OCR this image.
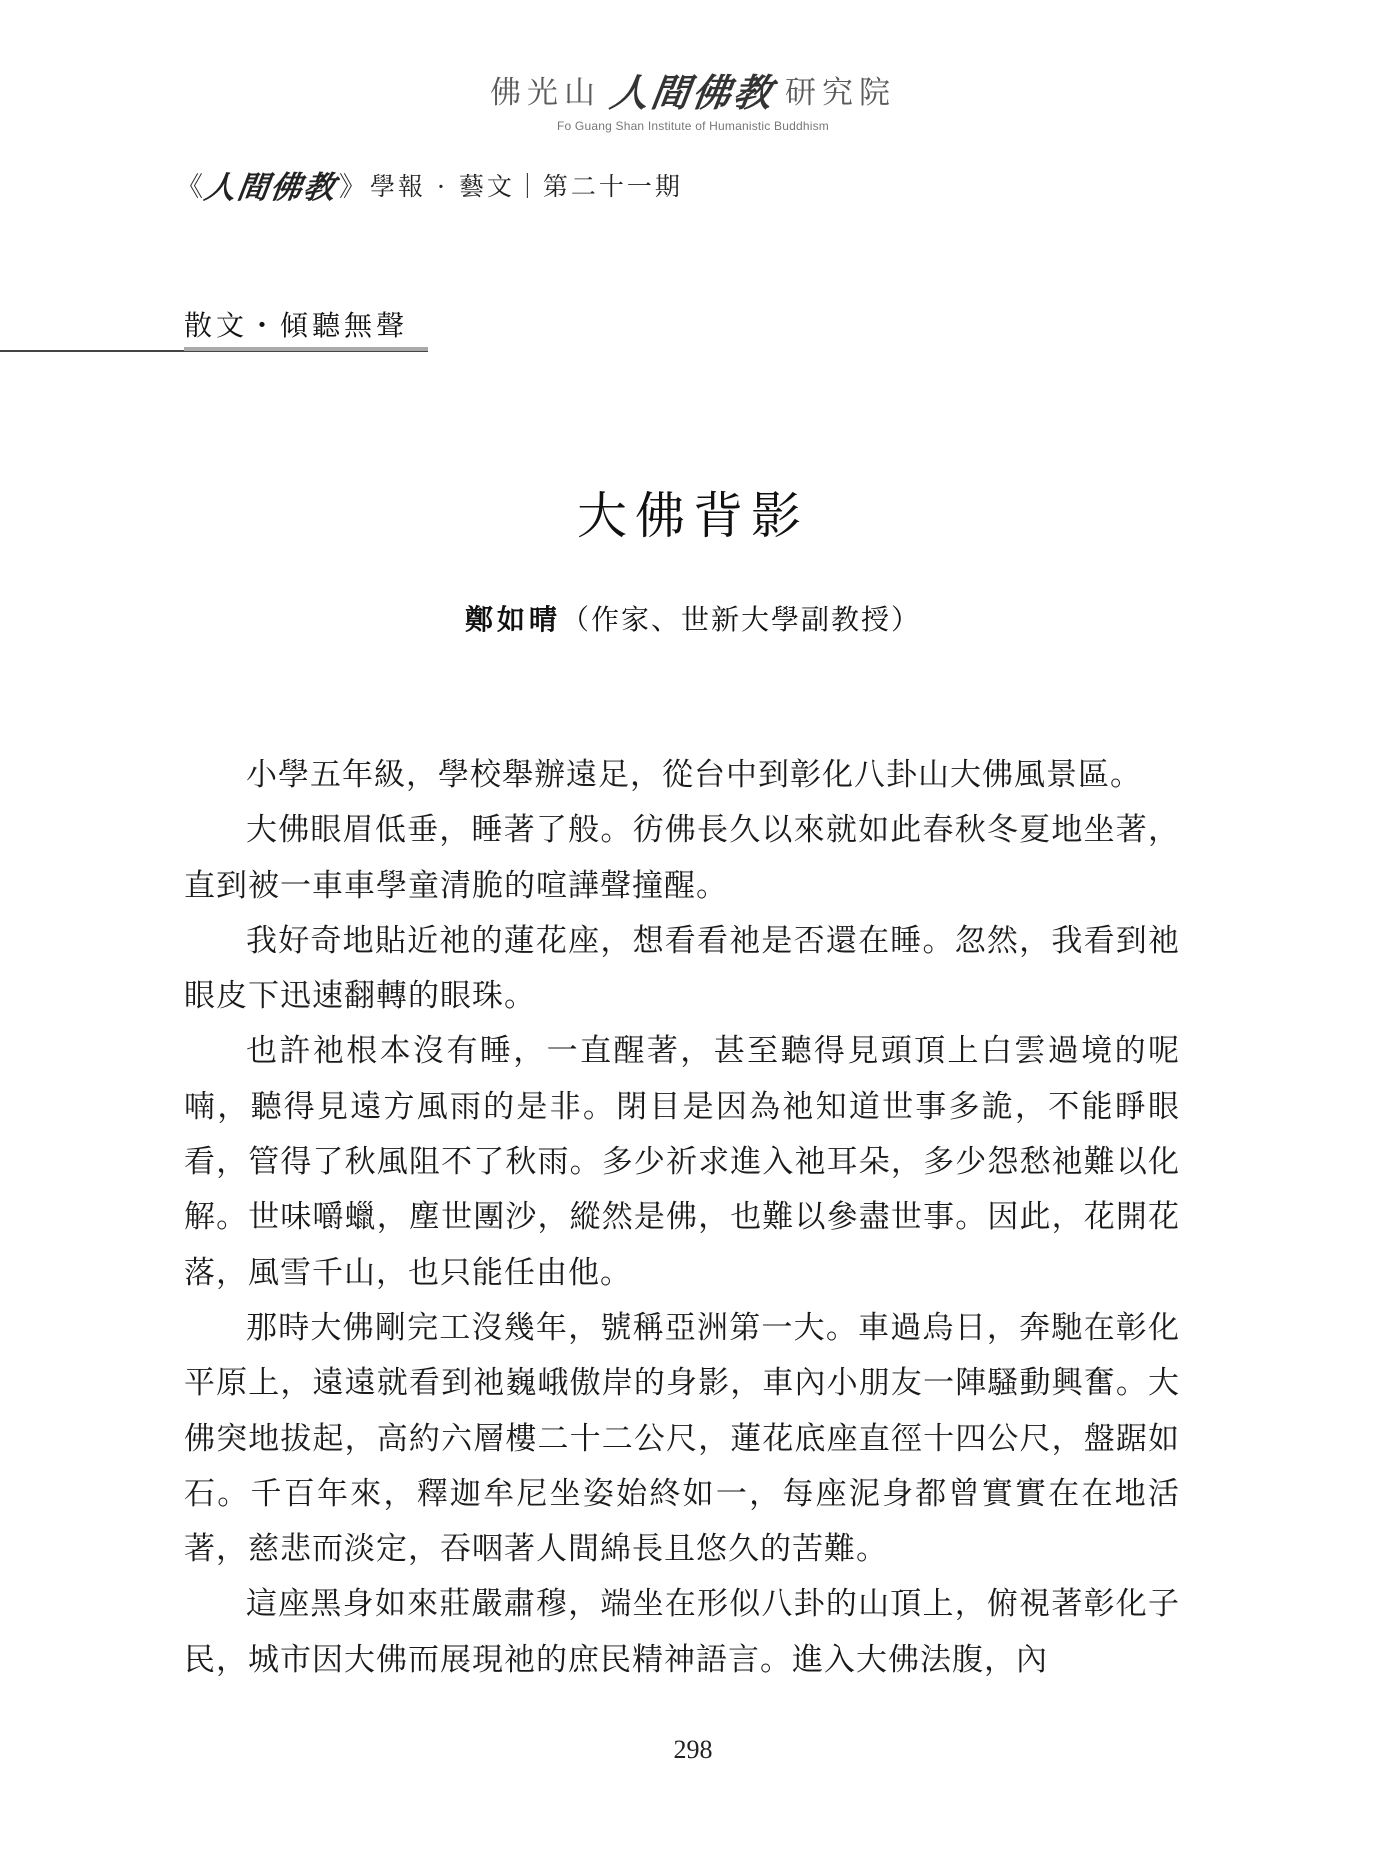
佛光山 人間佛教 研究院
Fo Guang Shan Institute of Humanistic Buddhism
《
人間佛教 》 學報 · 藝文｜第二十一期
散文・傾聽無聲
大佛背影
鄭如晴（作家、世新大學副教授）

小學五年級，學校舉辦遠足，從台中到彰化八卦山大佛風景區。

大佛眼眉低垂，睡著了般。彷佛長久以來就如此春秋冬夏地坐著，直到被一車車學童清脆的喧譁聲撞醒。

我好奇地貼近祂的蓮花座，想看看祂是否還在睡。忽然，我看到祂眼皮下迅速翻轉的眼珠。

也許祂根本沒有睡，一直醒著，甚至聽得見頭頂上白雲過境的呢喃，聽得見遠方風雨的是非。閉目是因為祂知道世事多詭，不能睜眼看，管得了秋風阻不了秋雨。多少祈求進入祂耳朵，多少怨愁祂難以化解。世味嚼蠟，塵世團沙，縱然是佛，也難以參盡世事。因此，花開花落，風雪千山，也只能任由他。

那時大佛剛完工沒幾年，號稱亞洲第一大。車過烏日，奔馳在彰化平原上，遠遠就看到祂巍峨傲岸的身影，車內小朋友一陣騷動興奮。大佛突地拔起，高約六層樓二十二公尺，蓮花底座直徑十四公尺，盤踞如石。千百年來，釋迦牟尼坐姿始終如一，每座泥身都曾實實在在地活著，慈悲而淡定，吞咽著人間綿長且悠久的苦難。

這座黑身如來莊嚴肅穆，端坐在形似八卦的山頂上，俯視著彰化子民，城市因大佛而展現祂的庶民精神語言。進入大佛法腹，內

298
